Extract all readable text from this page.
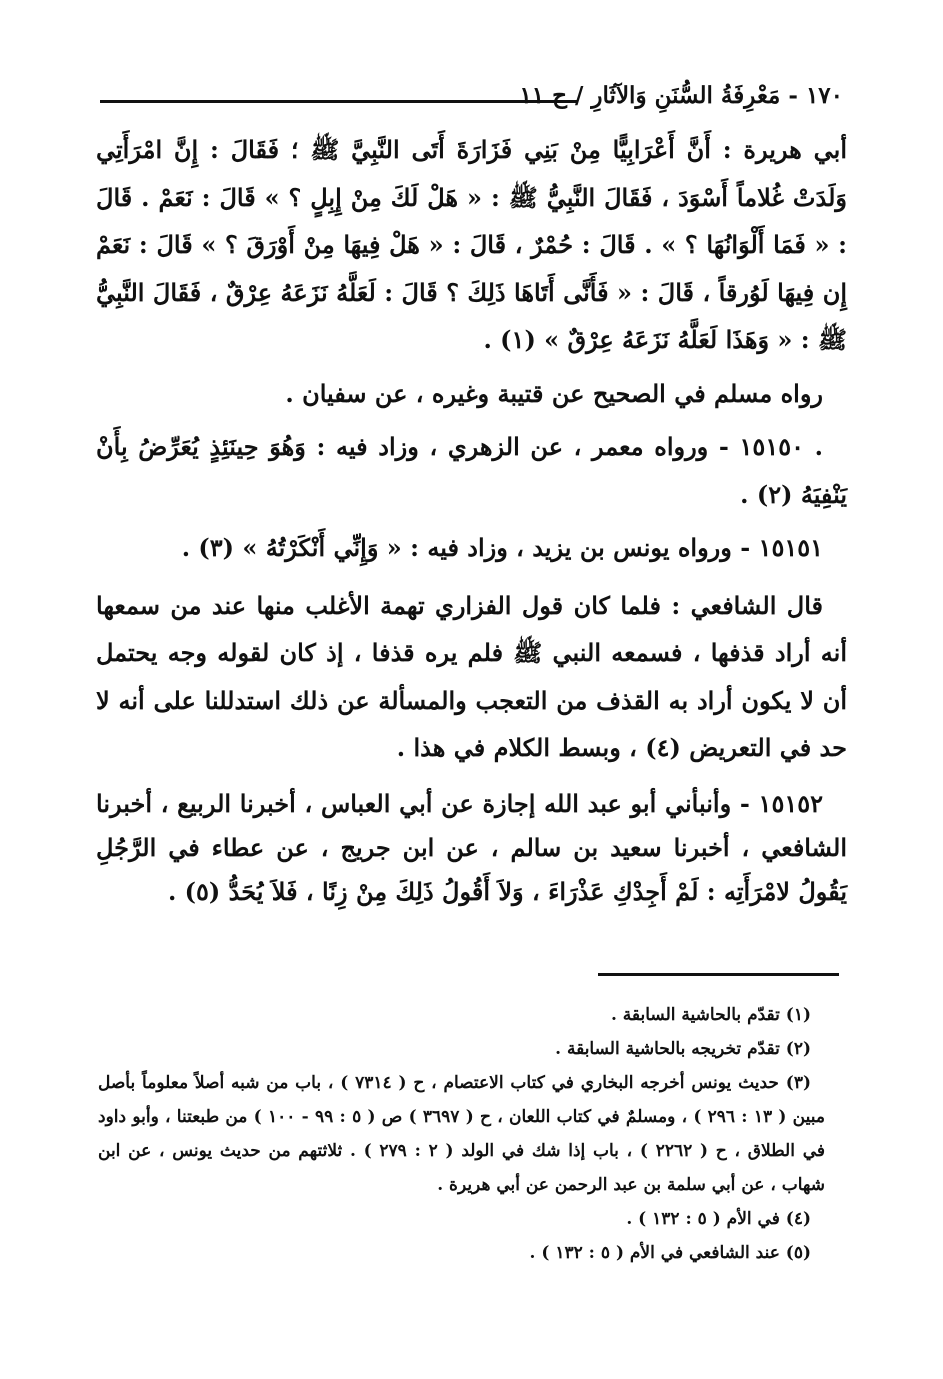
١٧٠ - مَعْرِفَةُ السُّنَنِ وَالآثَارِ / ج ١١

أبي هريرة : أَنَّ أَعْرَابِيًّا مِنْ بَنِي فَزَارَةَ أَتَى النَّبِيَّ ﷺ ؛ فَقَالَ : إِنَّ امْرَأَتِي وَلَدَتْ غُلاماً أَسْوَدَ ، فَقَالَ النَّبِيُّ ﷺ : « هَلْ لَكَ مِنْ إِبِلٍ ؟ » قَالَ : نَعَمْ . قَالَ : « فَمَا أَلْوَانُهَا ؟ » . قَالَ : حُمْرٌ ، قَالَ : « هَلْ فِيهَا مِنْ أَوْرَقَ ؟ » قَالَ : نَعَمْ إِن فِيهَا لَوُرقاً ، قَالَ : « فَأَنَّى أَتَاهَا ذَلِكَ ؟ قَالَ : لَعَلَّهُ نَزَعَهُ عِرْقٌ ، فَقَالَ النَّبِيُّ ﷺ : « وَهَذَا لَعَلَّهُ نَزَعَهُ عِرْقٌ » (١) .

رواه مسلم في الصحيح عن قتيبة وغيره ، عن سفيان .

. ١٥١٥٠ - ورواه معمر ، عن الزهري ، وزاد فيه : وَهُوَ حِينَئِذٍ يُعَرِّضُ بِأَنْ يَنْفِيَهُ (٢) .

١٥١٥١ - ورواه يونس بن يزيد ، وزاد فيه : « وَإِنِّي أَنْكَرْتُهُ » (٣) .

قال الشافعي : فلما كان قول الفزاري تهمة الأغلب منها عند من سمعها أنه أراد قذفها ، فسمعه النبي ﷺ فلم يره قذفا ، إذ كان لقوله وجه يحتمل أن لا يكون أراد به القذف من التعجب والمسألة عن ذلك استدللنا على أنه لا حد في التعريض (٤) ، وبسط الكلام في هذا .

١٥١٥٢ - وأنبأني أبو عبد الله إجازة عن أبي العباس ، أخبرنا الربيع ، أخبرنا الشافعي ، أخبرنا سعيد بن سالم ، عن ابن جريج ، عن عطاء في الرَّجُلِ يَقُولُ لامْرَأَتِه : لَمْ أَجِدْكِ عَذْرَاءَ ، وَلاَ أَقُولُ ذَلِكَ مِنْ زِنًا ، فَلاَ يُحَدُّ (٥) .

(١) تقدّم بالحاشية السابقة .

(٢) تقدّم تخريجه بالحاشية السابقة .

(٣) حديث يونس أخرجه البخاري في كتاب الاعتصام ، ح ( ٧٣١٤ ) ، باب من شبه أصلاً معلوماً بأصل مبين ( ١٣ : ٢٩٦ ) ، ومسلمٌ في كتاب اللعان ، ح ( ٣٦٩٧ ) ص ( ٥ : ٩٩ - ١٠٠ ) من طبعتنا ، وأبو داود في الطلاق ، ح ( ٢٢٦٢ ) ، باب إذا شك في الولد ( ٢ : ٢٧٩ ) . ثلاثتهم من حديث يونس ، عن ابن شهاب ، عن أبي سلمة بن عبد الرحمن عن أبي هريرة .

(٤) في الأم ( ٥ : ١٣٢ ) .

(٥) عند الشافعي في الأم ( ٥ : ١٣٢ ) .
